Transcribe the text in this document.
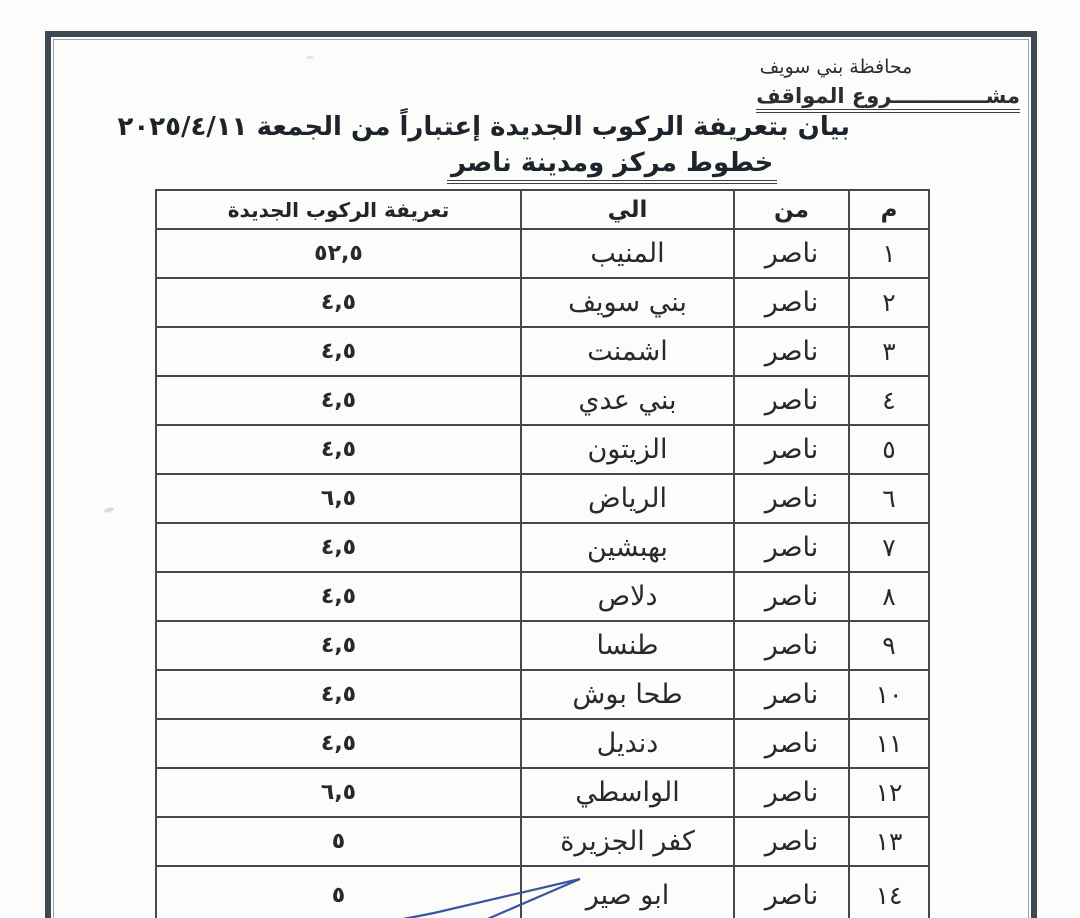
محافظة بني سويف
مشـــــــــــــروع المواقف
بيان بتعريفة الركوب الجديدة إعتباراً من الجمعة ٢٠٢٥/٤/١١
خطوط مركز ومدينة ناصر
م	من	الي	تعريفة الركوب الجديدة
١	ناصر	المنيب	٥٢,٥
٢	ناصر	بني سويف	٤,٥
٣	ناصر	اشمنت	٤,٥
٤	ناصر	بني عدي	٤,٥
٥	ناصر	الزيتون	٤,٥
٦	ناصر	الرياض	٦,٥
٧	ناصر	بهبشين	٤,٥
٨	ناصر	دلاص	٤,٥
٩	ناصر	طنسا	٤,٥
١٠	ناصر	طحا بوش	٤,٥
١١	ناصر	دنديل	٤,٥
١٢	ناصر	الواسطي	٦,٥
١٣	ناصر	كفر الجزيرة	٥
١٤	ناصر	ابو صير	٥
